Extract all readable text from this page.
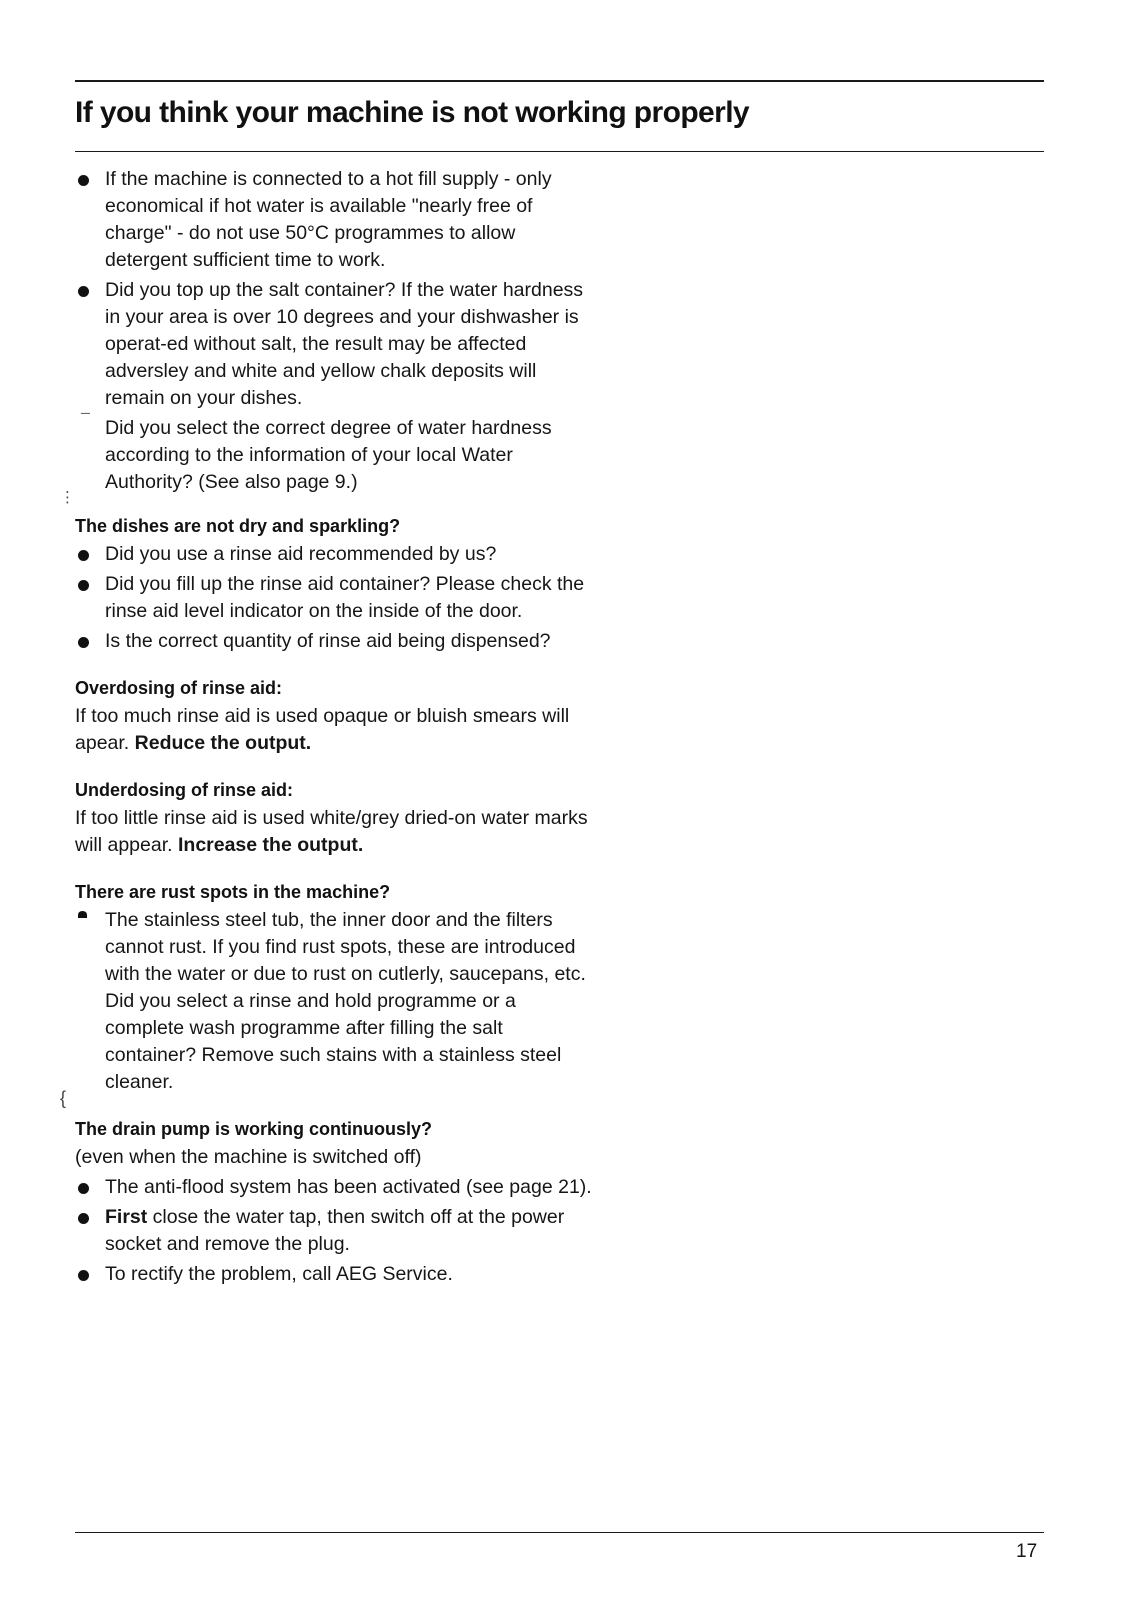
If you think your machine is not working properly
If the machine is connected to a hot fill supply - only economical if hot water is available "nearly free of charge" - do not use 50°C programmes to allow detergent sufficient time to work.
Did you top up the salt container? If the water hardness in your area is over 10 degrees and your dishwasher is operat-ed without salt, the result may be affected adversley and white and yellow chalk deposits will remain on your dishes.
¯ Did you select the correct degree of water hardness according to the information of your local Water Authority? (See also page 9.)
The dishes are not dry and sparkling?
Did you use a rinse aid recommended by us?
Did you fill up the rinse aid container? Please check the rinse aid level indicator on the inside of the door.
Is the correct quantity of rinse aid being dispensed?
Overdosing of rinse aid:
If too much rinse aid is used opaque or bluish smears will apear. Reduce the output.
Underdosing of rinse aid:
If too little rinse aid is used white/grey dried-on water marks will appear. Increase the output.
There are rust spots in the machine?
The stainless steel tub, the inner door and the filters cannot rust. If you find rust spots, these are introduced with the water or due to rust on cutlerly, saucepans, etc. Did you select a rinse and hold programme or a complete wash programme after filling the salt container? Remove such stains with a stainless steel cleaner.
The drain pump is working continuously?
(even when the machine is switched off)
The anti-flood system has been activated (see page 21).
First close the water tap, then switch off at the power socket and remove the plug.
To rectify the problem, call AEG Service.
⋮
{
17
